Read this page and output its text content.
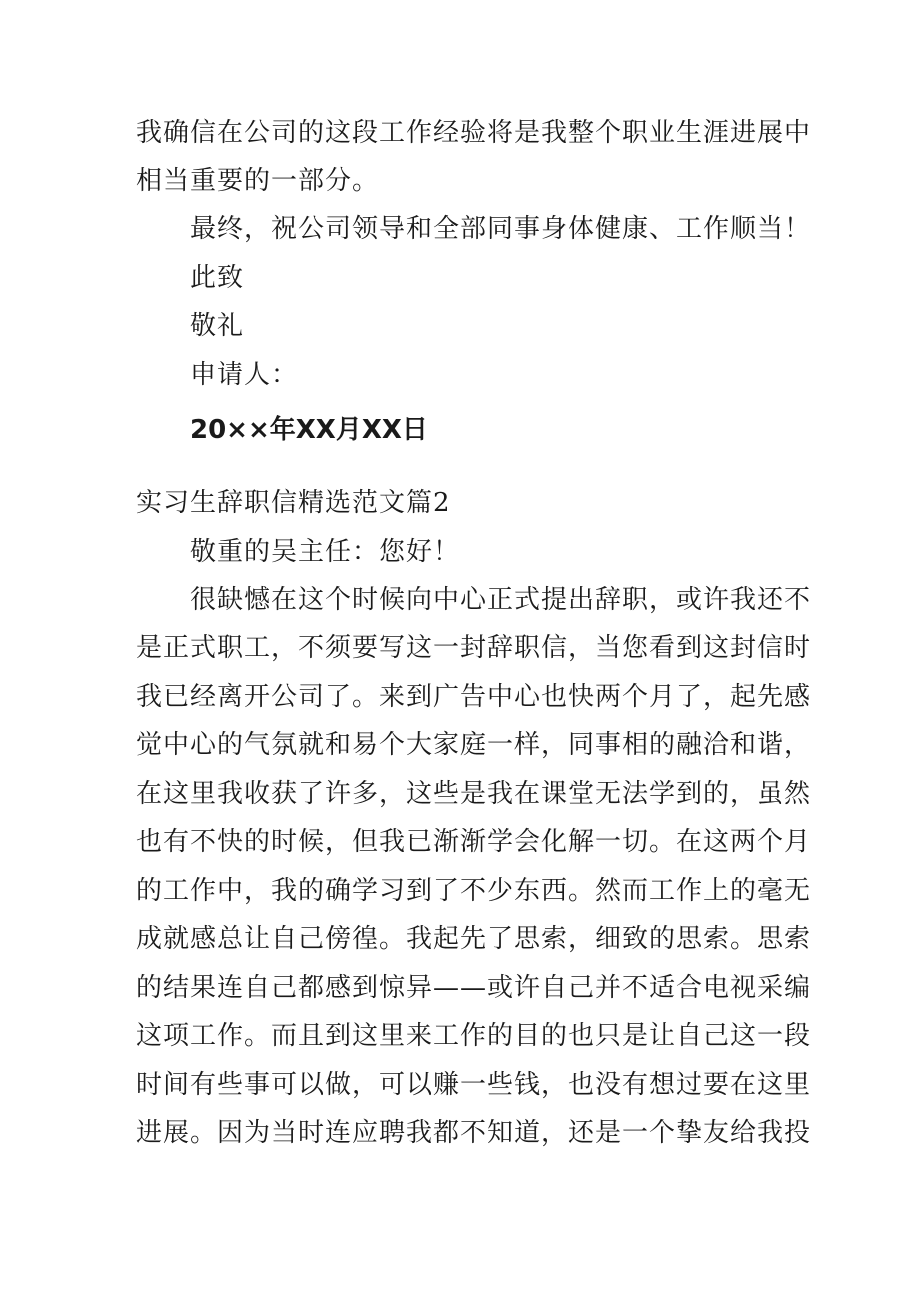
我确信在公司的这段工作经验将是我整个职业生涯进展中
相当重要的一部分。
最终，祝公司领导和全部同事身体健康、工作顺当！
此致
敬礼
申请人：
20××年XX月XX日
实习生辞职信精选范文篇2
敬重的吴主任：您好！
很缺憾在这个时候向中心正式提出辞职，或许我还不
是正式职工，不须要写这一封辞职信，当您看到这封信时
我已经离开公司了。来到广告中心也快两个月了，起先感
觉中心的气氛就和易个大家庭一样，同事相的融洽和谐，
在这里我收获了许多，这些是我在课堂无法学到的，虽然
也有不快的时候，但我已渐渐学会化解一切。在这两个月
的工作中，我的确学习到了不少东西。然而工作上的毫无
成就感总让自己傍徨。我起先了思索，细致的思索。思索
的结果连自己都感到惊异——或许自己并不适合电视采编
这项工作。而且到这里来工作的目的也只是让自己这一段
时间有些事可以做，可以赚一些钱，也没有想过要在这里
进展。因为当时连应聘我都不知道，还是一个挚友给我投
